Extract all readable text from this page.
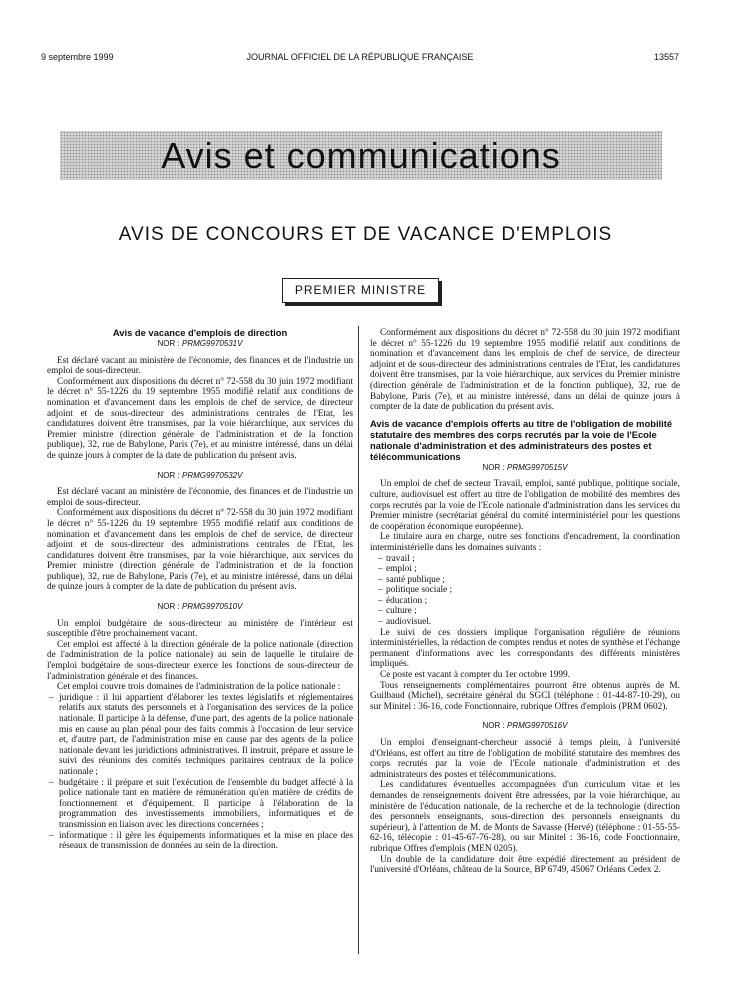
9 septembre 1999	JOURNAL OFFICIEL DE LA RÉPUBLIQUE FRANÇAISE	13557
Avis et communications
AVIS DE CONCOURS ET DE VACANCE D'EMPLOIS
PREMIER MINISTRE
Avis de vacance d'emplois de direction
NOR : PRMG9970531V

Est déclaré vacant au ministère de l'économie, des finances et de l'industrie un emploi de sous-directeur.

Conformément aux dispositions du décret n° 72-558 du 30 juin 1972 modifiant le décret n° 55-1226 du 19 septembre 1955 modifié relatif aux conditions de nomination et d'avancement dans les emplois de chef de service, de directeur adjoint et de sous-directeur des administrations centrales de l'Etat, les candidatures doivent être transmises, par la voie hiérarchique, aux services du Premier ministre (direction générale de l'administration et de la fonction publique), 32, rue de Babylone, Paris (7e), et au ministre intéressé, dans un délai de quinze jours à compter de la date de publication du présent avis.

NOR : PRMG9970532V

Est déclaré vacant au ministère de l'économie, des finances et de l'industrie un emploi de sous-directeur.

Conformément aux dispositions du décret n° 72-558 du 30 juin 1972 modifiant le décret n° 55-1226 du 19 septembre 1955 modifié relatif aux conditions de nomination et d'avancement dans les emplois de chef de service, de directeur adjoint et de sous-directeur des administrations centrales de l'Etat, les candidatures doivent être transmises, par la voie hiérarchique, aux services du Premier ministre (direction générale de l'administration et de la fonction publique), 32, rue de Babylone, Paris (7e), et au ministre intéressé, dans un délai de quinze jours à compter de la date de publication du présent avis.

NOR : PRMG9970510V

Un emploi budgétaire de sous-directeur au ministère de l'intérieur est susceptible d'être prochainement vacant.

Cet emploi est affecté à la direction générale de la police nationale (direction de l'administration de la police nationale) au sein de laquelle le titulaire de l'emploi budgétaire de sous-directeur exerce les fonctions de sous-directeur de l'administration générale et des finances.

Cet emploi couvre trois domaines de l'administration de la police nationale :

– juridique : il lui appartient d'élaborer les textes législatifs et réglementaires relatifs aux statuts des personnels et à l'organisation des services de la police nationale. Il participe à la défense, d'une part, des agents de la police nationale mis en cause au plan pénal pour des faits commis à l'occasion de leur service et, d'autre part, de l'administration mise en cause par des agents de la police nationale devant les juridictions administratives. Il instruit, prépare et assure le suivi des réunions des comités techniques paritaires centraux de la police nationale ;
– budgétaire : il prépare et suit l'exécution de l'ensemble du budget affecté à la police nationale tant en matière de rémunération qu'en matière de crédits de fonctionnement et d'équipement. Il participe à l'élaboration de la programmation des investissements immobiliers, informatiques et de transmission en liaison avec les directions concernées ;
– informatique : il gère les équipements informatiques et la mise en place des réseaux de transmission de données au sein de la direction.

Conformément aux dispositions du décret n° 72-558 du 30 juin 1972 modifiant le décret n° 55-1226 du 19 septembre 1955 modifié relatif aux conditions de nomination et d'avancement dans les emplois de chef de service, de directeur adjoint et de sous-directeur des administrations centrales de l'Etat, les candidatures doivent être transmises, par la voie hiérarchique, aux services du Premier ministre (direction générale de l'administration et de la fonction publique), 32, rue de Babylone, Paris (7e), et au ministre intéressé, dans un délai de quinze jours à compter de la date de publication du présent avis.

Avis de vacance d'emplois offerts au titre de l'obligation de mobilité statutaire des membres des corps recrutés par la voie de l'Ecole nationale d'administration et des administrateurs des postes et télécommunications
NOR : PRMG9970515V

Un emploi de chef de secteur Travail, emploi, santé publique, politique sociale, culture, audiovisuel est offert au titre de l'obligation de mobilité des membres des corps recrutés par la voie de l'Ecole nationale d'administration dans les services du Premier ministre (secrétariat général du comité interministériel pour les questions de coopération économique européenne).

Le titulaire aura en charge, outre ses fonctions d'encadrement, la coordination interministérielle dans les domaines suivants :

– travail ;
– emploi ;
– santé publique ;
– politique sociale ;
– éducation ;
– culture ;
– audiovisuel.

Le suivi de ces dossiers implique l'organisation régulière de réunions interministérielles, la rédaction de comptes rendus et notes de synthèse et l'échange permanent d'informations avec les correspondants des différents ministères impliqués.

Ce poste est vacant à compter du 1er octobre 1999.

Tous renseignements complémentaires pourront être obtenus auprès de M. Guilbaud (Michel), secrétaire général du SGCI (téléphone : 01-44-87-10-29), ou sur Minitel : 36-16, code Fonctionnaire, rubrique Offres d'emplois (PRM 0602).

NOR : PRMG9970516V

Un emploi d'enseignant-chercheur associé à temps plein, à l'université d'Orléans, est offert au titre de l'obligation de mobilité statutaire des membres des corps recrutés par la voie de l'Ecole nationale d'administration et des administrateurs des postes et télécommunications.

Les candidatures éventuelles accompagnées d'un curriculum vitae et les demandes de renseignements doivent être adressées, par la voie hiérarchique, au ministère de l'éducation nationale, de la recherche et de la technologie (direction des personnels enseignants, sous-direction des personnels enseignants du supérieur), à l'attention de M. de Monts de Savasse (Hervé) (téléphone : 01-55-55-62-16, télécopie : 01-45-67-76-28), ou sur Minitel : 36-16, code Fonctionnaire, rubrique Offres d'emplois (MEN 0205).

Un double de la candidature doit être expédié directement au président de l'université d'Orléans, château de la Source, BP 6749, 45067 Orléans Cedex 2.
